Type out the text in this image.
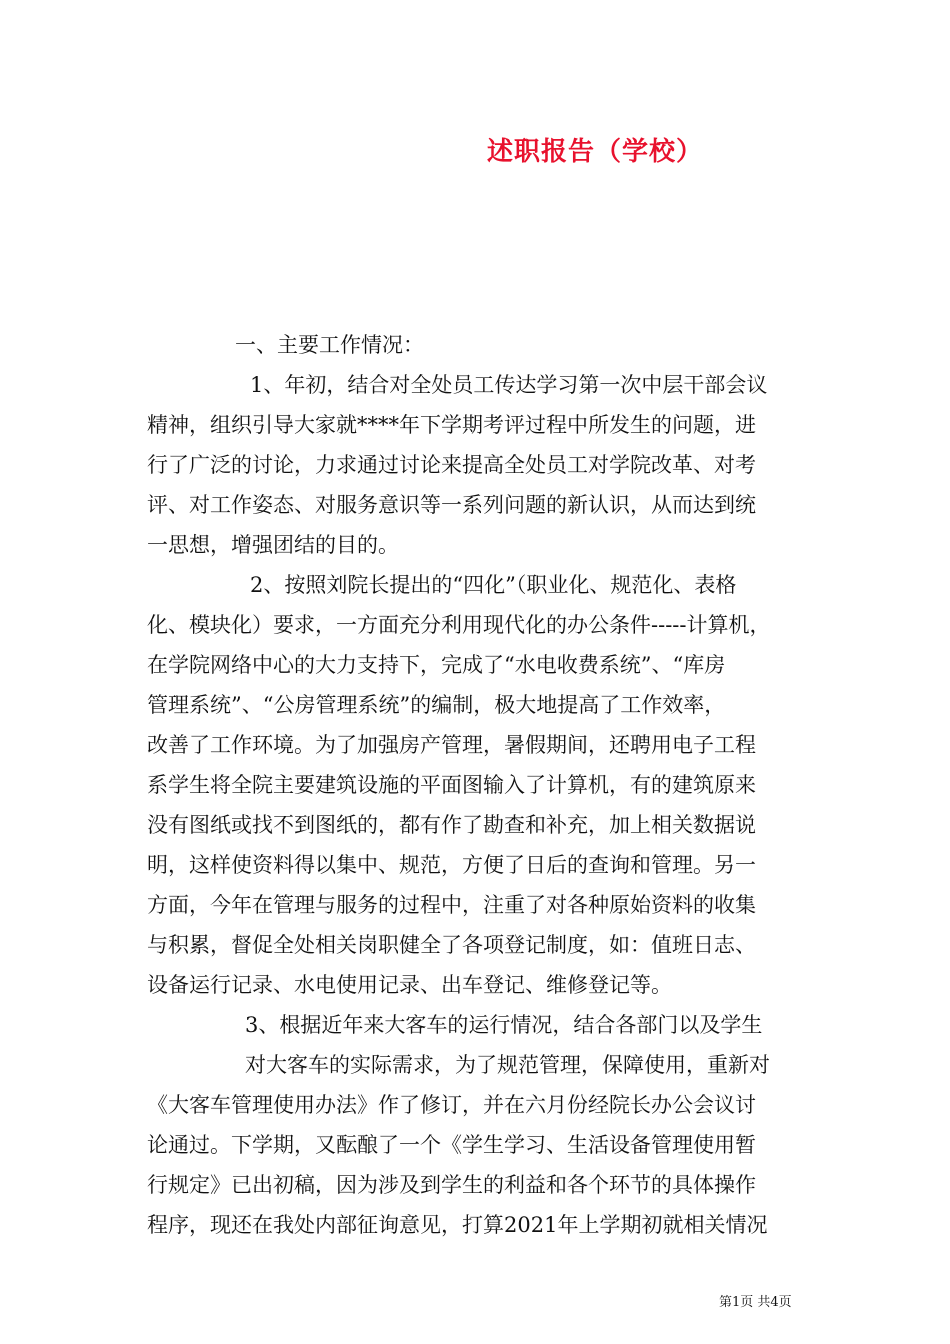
述职报告（学校）
一、主要工作情况：
1、年初，结合对全处员工传达学习第一次中层干部会议
精神，组织引导大家就****年下学期考评过程中所发生的问题，进
行了广泛的讨论，力求通过讨论来提高全处员工对学院改革、对考
评、对工作姿态、对服务意识等一系列问题的新认识，从而达到统
一思想，增强团结的目的。
2、按照刘院长提出的“四化”（职业化、规范化、表格
化、模块化）要求，一方面充分利用现代化的办公条件-----计算机，
在学院网络中心的大力支持下，完成了“水电收费系统”、“库房
管理系统”、“公房管理系统”的编制，极大地提高了工作效率，
改善了工作环境。为了加强房产管理，暑假期间，还聘用电子工程
系学生将全院主要建筑设施的平面图输入了计算机，有的建筑原来
没有图纸或找不到图纸的，都有作了勘查和补充，加上相关数据说
明，这样使资料得以集中、规范，方便了日后的查询和管理。另一
方面，今年在管理与服务的过程中，注重了对各种原始资料的收集
与积累，督促全处相关岗职健全了各项登记制度，如：值班日志、
设备运行记录、水电使用记录、出车登记、维修登记等。
3、根据近年来大客车的运行情况，结合各部门以及学生
对大客车的实际需求，为了规范管理，保障使用，重新对
《大客车管理使用办法》作了修订，并在六月份经院长办公会议讨
论通过。下学期，又酝酿了一个《学生学习、生活设备管理使用暂
行规定》已出初稿，因为涉及到学生的利益和各个环节的具体操作
程序，现还在我处内部征询意见，打算2021年上学期初就相关情况
第1页 共4页
